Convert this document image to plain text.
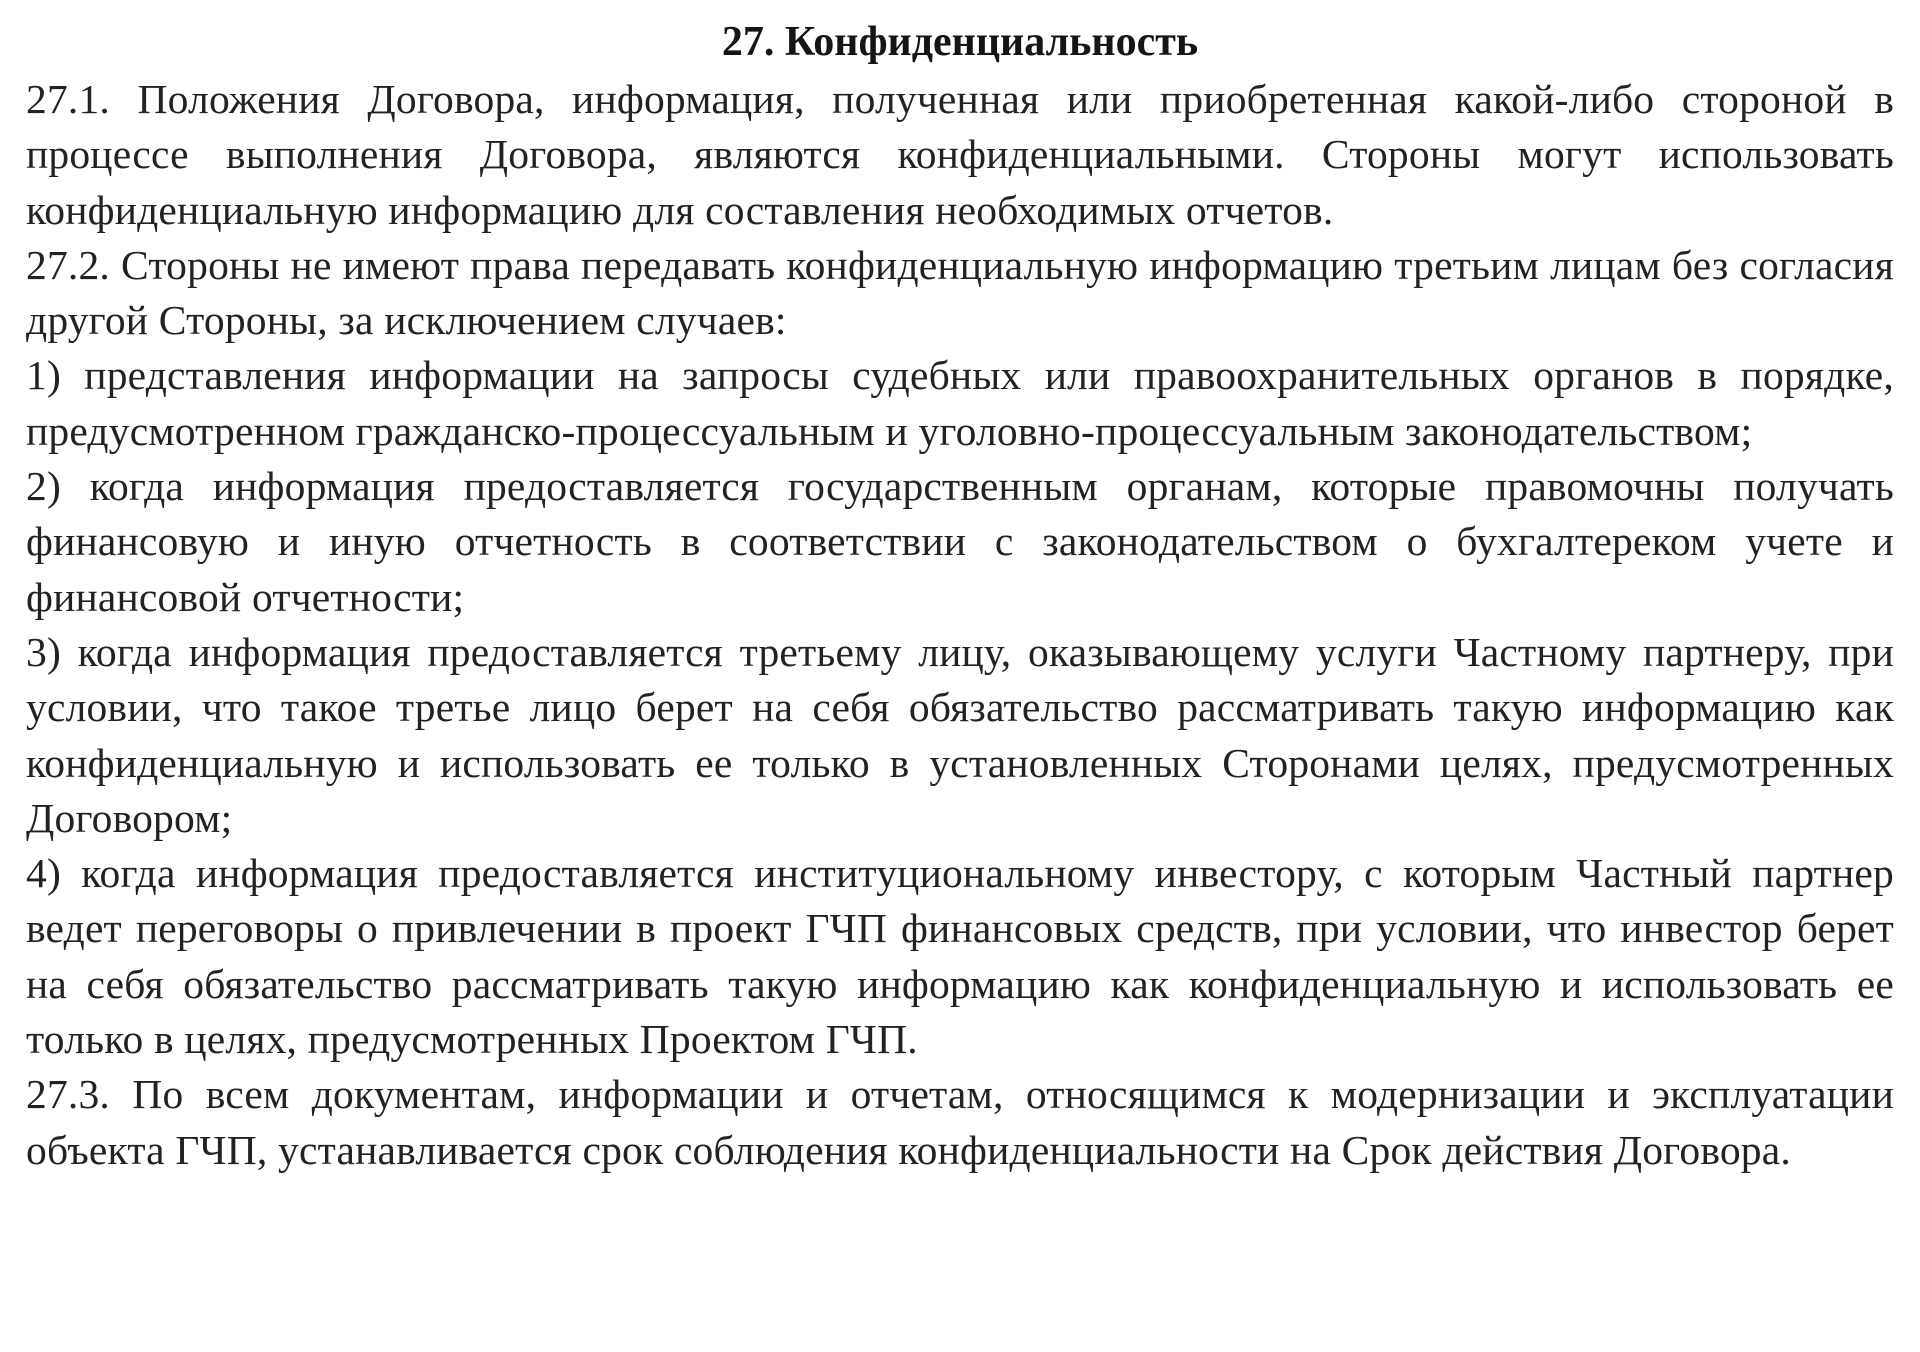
27. Конфиденциальность

27.1. Положения Договора, информация, полученная или приобретенная какой-либо стороной в процессе выполнения Договора, являются конфиденциальными. Стороны могут использовать конфиденциальную информацию для составления необходимых отчетов.

27.2. Стороны не имеют права передавать конфиденциальную информацию третьим лицам без согласия другой Стороны, за исключением случаев:

1) представления информации на запросы судебных или правоохранительных органов в порядке, предусмотренном гражданско-процессуальным и уголовно-процессуальным законодательством;

2) когда информация предоставляется государственным органам, которые правомочны получать финансовую и иную отчетность в соответствии с законодательством о бухгалтереком учете и финансовой отчетности;

3) когда информация предоставляется третьему лицу, оказывающему услуги Частному партнеру, при условии, что такое третье лицо берет на себя обязательство рассматривать такую информацию как конфиденциальную и использовать ее только в установленных Сторонами целях, предусмотренных Договором;

4) когда информация предоставляется институциональному инвестору, с которым Частный партнер ведет переговоры о привлечении в проект ГЧП финансовых средств, при условии, что инвестор берет на себя обязательство рассматривать такую информацию как конфиденциальную и использовать ее только в целях, предусмотренных Проектом ГЧП.

27.3. По всем документам, информации и отчетам, относящимся к модернизации и эксплуатации объекта ГЧП, устанавливается срок соблюдения конфиденциальности на Срок действия Договора.
